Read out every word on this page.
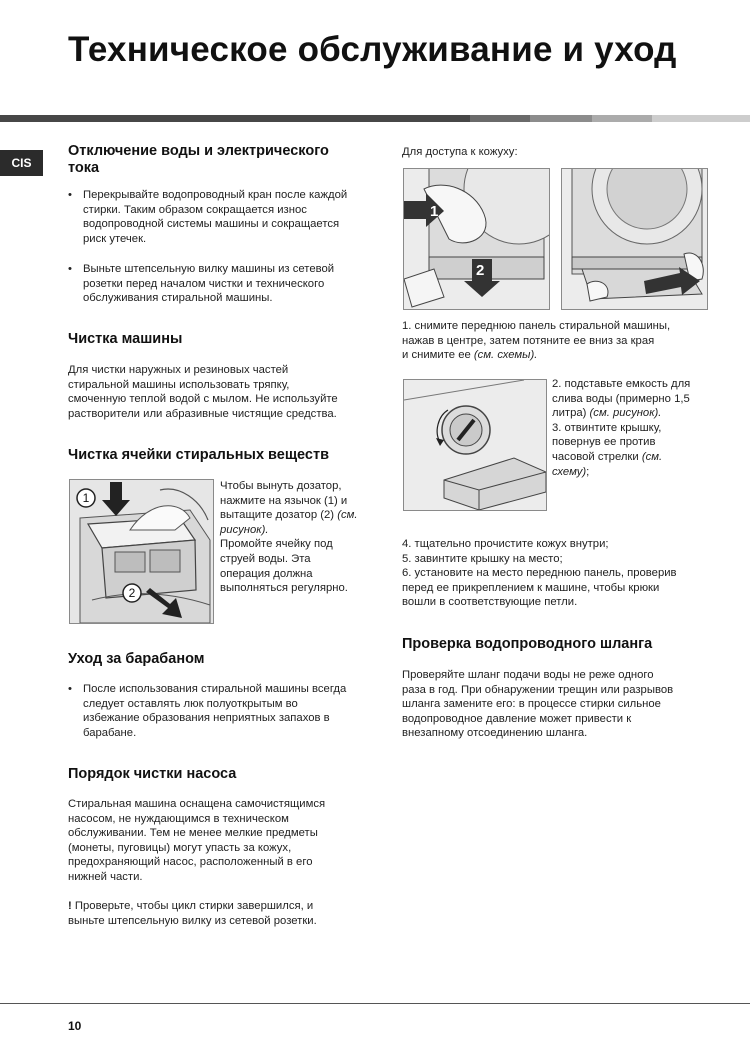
Техническое обслуживание и уход
CIS
Отключение воды и электрического
тока
• Перекрывайте водопроводный кран после каждой
стирки. Таким образом сокращается износ
водопроводной системы машины и сокращается
риск утечек.
• Выньте штепсельную вилку машины из сетевой
розетки перед началом чистки и технического
обслуживания стиральной машины.
Чистка машины
Для чистки наружных и резиновых частей
стиральной машины использовать тряпку,
смоченную теплой водой с мылом. Не используйте
растворители или абразивные чистящие средства.
Чистка ячейки стиральных веществ
1
2
Чтобы вынуть дозатор,
нажмите на язычок (1) и
вытащите дозатор (2) (см.
рисунок).
Промойте ячейку под
струей воды. Эта
операция должна
выполняться регулярно.
Уход за барабаном
• После использования стиральной машины всегда
следует оставлять люк полуоткрытым во
избежание образования неприятных запахов в
барабане.
Порядок чистки насоса
Стиральная машина оснащена самочистящимся
насосом, не нуждающимся в техническом
обслуживании. Тем не менее мелкие предметы
(монеты, пуговицы) могут упасть за кожух,
предохраняющий насос, расположенный в его
нижней части.
! Проверьте, чтобы цикл стирки завершился, и
выньте штепсельную вилку из сетевой розетки.
Для доступа к кожуху:
1
2
1. снимите переднюю панель стиральной машины,
нажав в центре, затем потяните ее вниз за края
и снимите ее (см. схемы).
2. подставьте емкость для
слива воды (примерно 1,5
литра) (см. рисунок).
3. отвинтите крышку,
повернув ее против
часовой стрелки (см.
схему);
4. тщательно прочистите кожух внутри;
5. завинтите крышку на место;
6. установите на место переднюю панель, проверив
перед ее прикреплением к машине, чтобы крюки
вошли в соответствующие петли.
Проверка водопроводного шланга
Проверяйте шланг подачи воды не реже одного
раза в год. При обнаружении трещин или разрывов
шланга замените его: в процессе стирки сильное
водопроводное давление может привести к
внезапному отсоединению шланга.
10
